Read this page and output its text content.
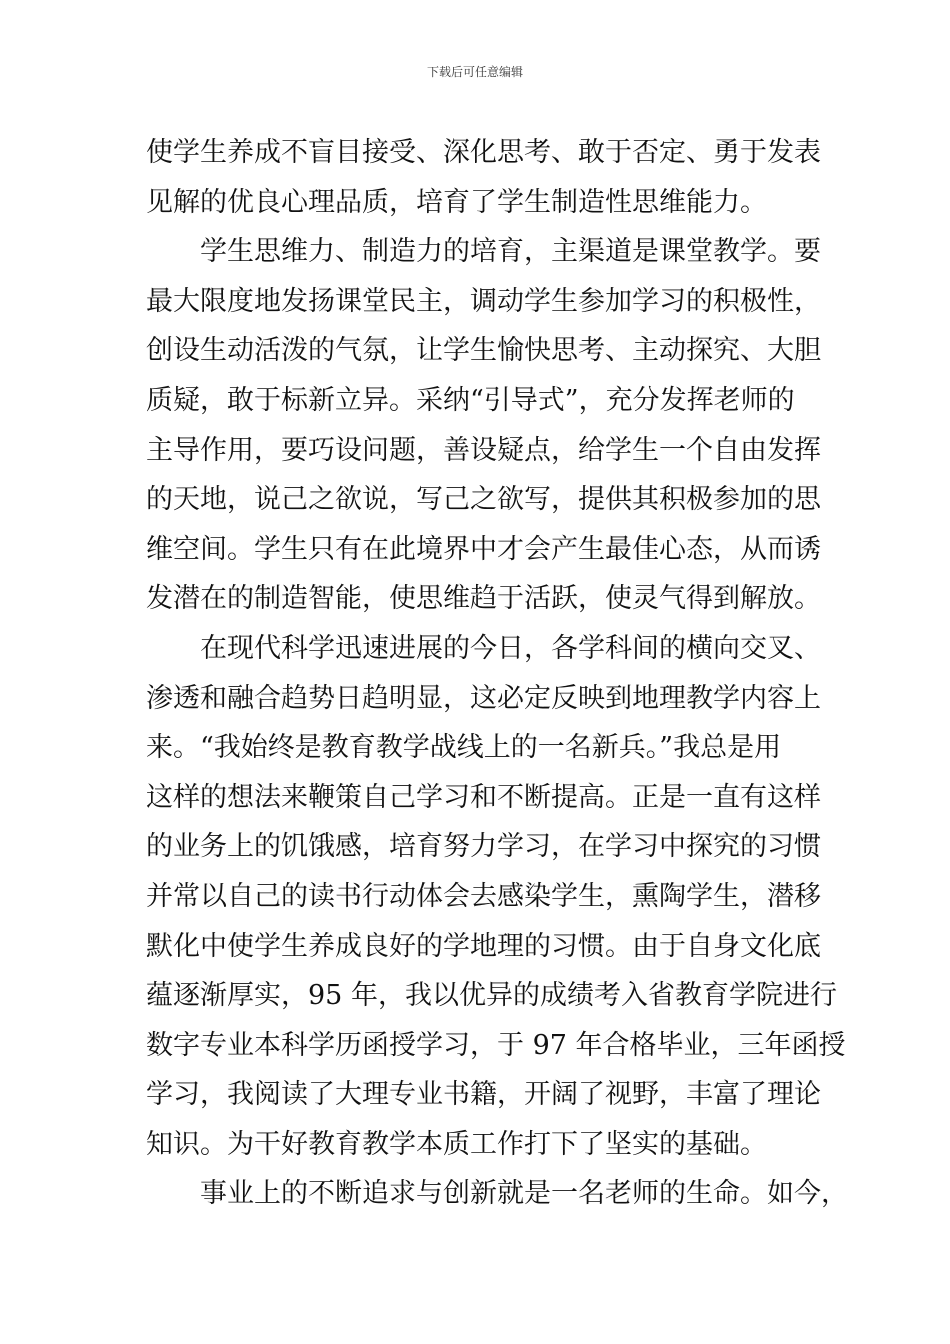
下载后可任意编辑
使学生养成不盲目接受、深化思考、敢于否定、勇于发表
见解的优良心理品质，培育了学生制造性思维能力。
学生思维力、制造力的培育，主渠道是课堂教学。要
最大限度地发扬课堂民主，调动学生参加学习的积极性，
创设生动活泼的气氛，让学生愉快思考、主动探究、大胆
质疑，敢于标新立异。采纳“引导式”，充分发挥老师的
主导作用，要巧设问题，善设疑点，给学生一个自由发挥
的天地，说己之欲说，写己之欲写，提供其积极参加的思
维空间。学生只有在此境界中才会产生最佳心态，从而诱
发潜在的制造智能，使思维趋于活跃，使灵气得到解放。
在现代科学迅速进展的今日，各学科间的横向交叉、
渗透和融合趋势日趋明显，这必定反映到地理教学内容上
来。“我始终是教育教学战线上的一名新兵。”我总是用
这样的想法来鞭策自己学习和不断提高。正是一直有这样
的业务上的饥饿感，培育努力学习，在学习中探究的习惯
并常以自己的读书行动体会去感染学生，熏陶学生，潜移
默化中使学生养成良好的学地理的习惯。由于自身文化底
蕴逐渐厚实，95 年，我以优异的成绩考入省教育学院进行
数字专业本科学历函授学习，于 97 年合格毕业，三年函授
学习，我阅读了大理专业书籍，开阔了视野，丰富了理论
知识。为干好教育教学本质工作打下了坚实的基础。
事业上的不断追求与创新就是一名老师的生命。如今，
